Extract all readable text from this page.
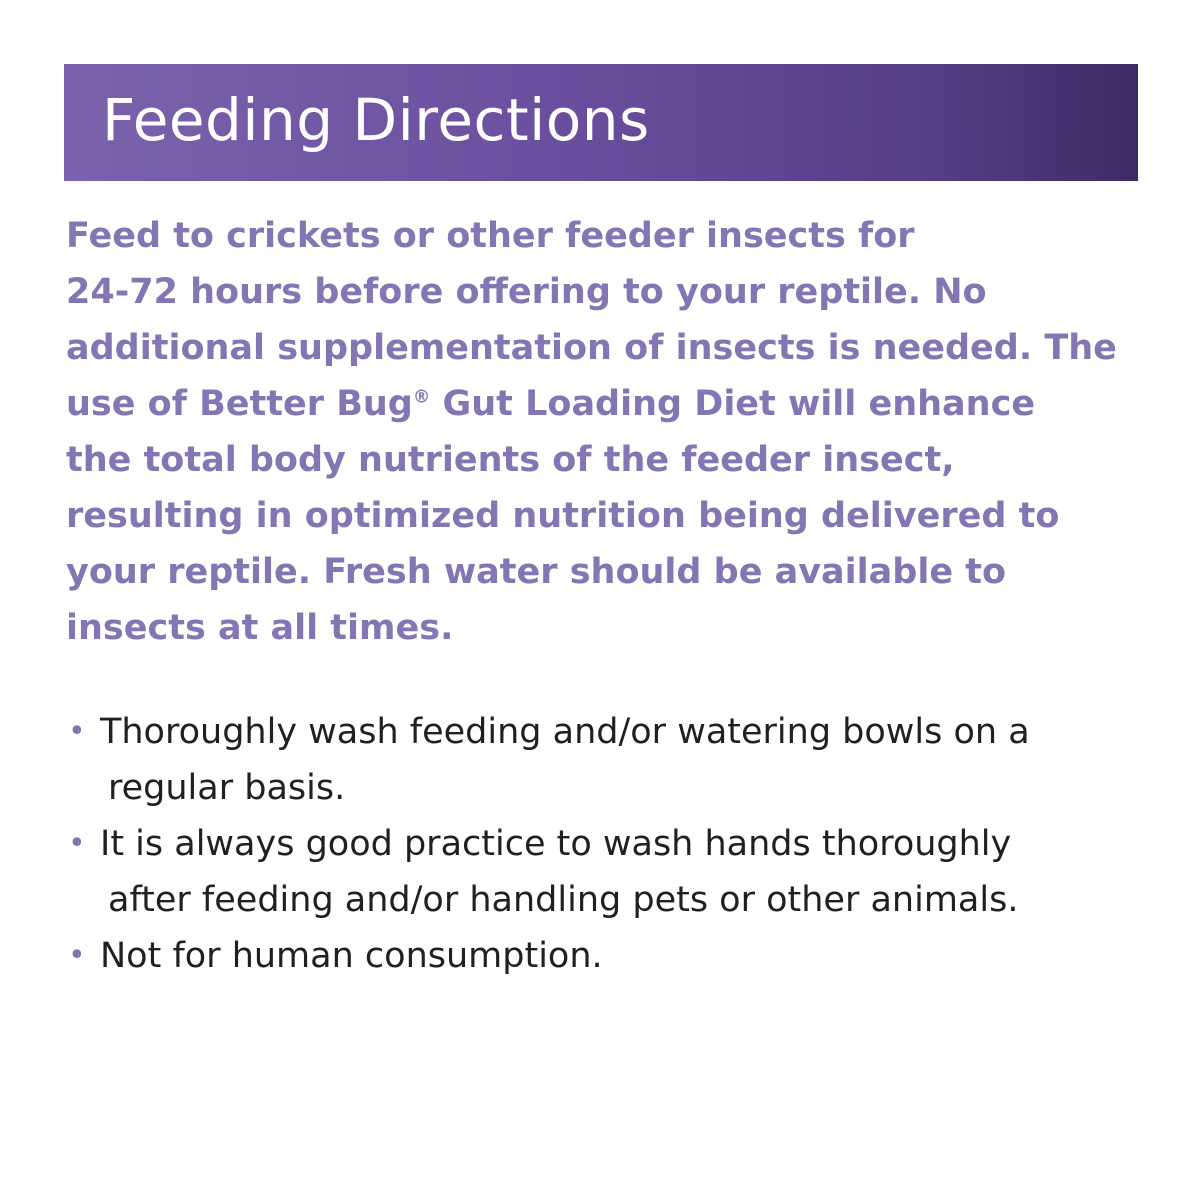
Feeding Directions

Feed to crickets or other feeder insects for
24-72 hours before offering to your reptile. No
additional supplementation of insects is needed. The
use of Better Bug® Gut Loading Diet will enhance
the total body nutrients of the feeder insect,
resulting in optimized nutrition being delivered to
your reptile. Fresh water should be available to
insects at all times.

• Thoroughly wash feeding and/or watering bowls on a
regular basis.
• It is always good practice to wash hands thoroughly
after feeding and/or handling pets or other animals.
• Not for human consumption.
